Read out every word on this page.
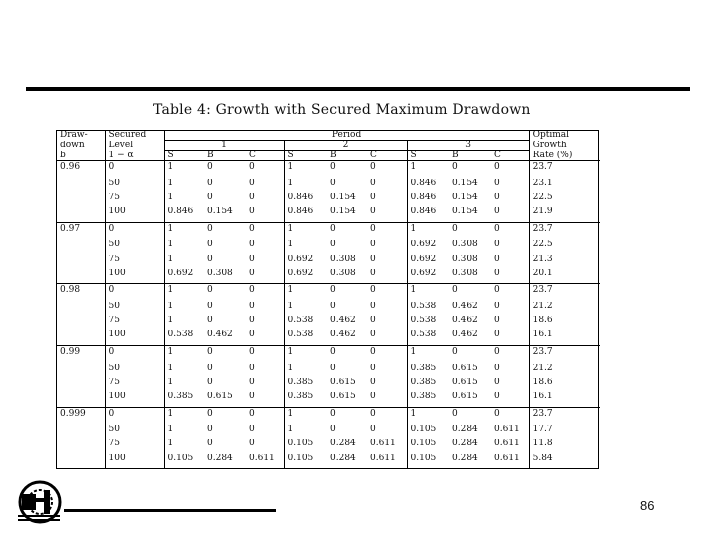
Table 4: Growth with Secured Maximum Drawdown
Draw-	Secured	Period									Optimal
down	Level	1			2			3			Growth
b	1 − α	S	B	C	S	B	C	S	B	C	Rate (%)
0.96	0	1	0	0	1	0	0	1	0	0	23.7
	50	1	0	0	1	0	0	0.846	0.154	0	23.1
	75	1	0	0	0.846	0.154	0	0.846	0.154	0	22.5
	100	0.846	0.154	0	0.846	0.154	0	0.846	0.154	0	21.9
0.97	0	1	0	0	1	0	0	1	0	0	23.7
	50	1	0	0	1	0	0	0.692	0.308	0	22.5
	75	1	0	0	0.692	0.308	0	0.692	0.308	0	21.3
	100	0.692	0.308	0	0.692	0.308	0	0.692	0.308	0	20.1
0.98	0	1	0	0	1	0	0	1	0	0	23.7
	50	1	0	0	1	0	0	0.538	0.462	0	21.2
	75	1	0	0	0.538	0.462	0	0.538	0.462	0	18.6
	100	0.538	0.462	0	0.538	0.462	0	0.538	0.462	0	16.1
0.99	0	1	0	0	1	0	0	1	0	0	23.7
	50	1	0	0	1	0	0	0.385	0.615	0	21.2
	75	1	0	0	0.385	0.615	0	0.385	0.615	0	18.6
	100	0.385	0.615	0	0.385	0.615	0	0.385	0.615	0	16.1
0.999	0	1	0	0	1	0	0	1	0	0	23.7
	50	1	0	0	1	0	0	0.105	0.284	0.611	17.7
	75	1	0	0	0.105	0.284	0.611	0.105	0.284	0.611	11.8
	100	0.105	0.284	0.611	0.105	0.284	0.611	0.105	0.284	0.611	5.84
86
